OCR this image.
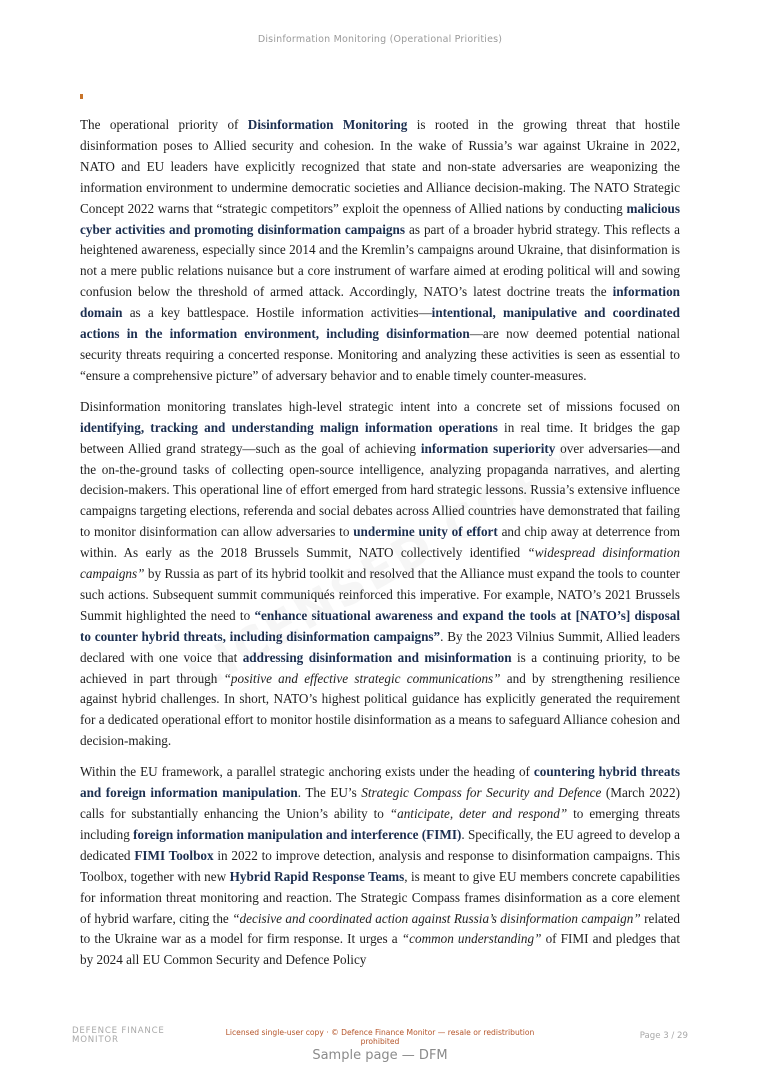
Disinformation Monitoring (Operational Priorities)

The operational priority of Disinformation Monitoring is rooted in the growing threat that hostile disinformation poses to Allied security and cohesion. In the wake of Russia’s war against Ukraine in 2022, NATO and EU leaders have explicitly recognized that state and non-state adversaries are weaponizing the information environment to undermine democratic societies and Alliance decision-making. The NATO Strategic Concept 2022 warns that “strategic competitors” exploit the openness of Allied nations by conducting malicious cyber activities and promoting disinformation campaigns as part of a broader hybrid strategy. This reflects a heightened awareness, especially since 2014 and the Kremlin’s campaigns around Ukraine, that disinformation is not a mere public relations nuisance but a core instrument of warfare aimed at eroding political will and sowing confusion below the threshold of armed attack. Accordingly, NATO’s latest doctrine treats the information domain as a key battlespace. Hostile information activities—intentional, manipulative and coordinated actions in the information environment, including disinformation—are now deemed potential national security threats requiring a concerted response. Monitoring and analyzing these activities is seen as essential to “ensure a comprehensive picture” of adversary behavior and to enable timely counter-measures.

Disinformation monitoring translates high-level strategic intent into a concrete set of missions focused on identifying, tracking and understanding malign information operations in real time. It bridges the gap between Allied grand strategy—such as the goal of achieving information superiority over adversaries—and the on-the-ground tasks of collecting open-source intelligence, analyzing propaganda narratives, and alerting decision-makers. This operational line of effort emerged from hard strategic lessons. Russia’s extensive influence campaigns targeting elections, referenda and social debates across Allied countries have demonstrated that failing to monitor disinformation can allow adversaries to undermine unity of effort and chip away at deterrence from within. As early as the 2018 Brussels Summit, NATO collectively identified “widespread disinformation campaigns” by Russia as part of its hybrid toolkit and resolved that the Alliance must expand the tools to counter such actions. Subsequent summit communiqués reinforced this imperative. For example, NATO’s 2021 Brussels Summit highlighted the need to “enhance situational awareness and expand the tools at [NATO’s] disposal to counter hybrid threats, including disinformation campaigns”. By the 2023 Vilnius Summit, Allied leaders declared with one voice that addressing disinformation and misinformation is a continuing priority, to be achieved in part through “positive and effective strategic communications” and by strengthening resilience against hybrid challenges. In short, NATO’s highest political guidance has explicitly generated the requirement for a dedicated operational effort to monitor hostile disinformation as a means to safeguard Alliance cohesion and decision-making.

Within the EU framework, a parallel strategic anchoring exists under the heading of countering hybrid threats and foreign information manipulation. The EU’s Strategic Compass for Security and Defence (March 2022) calls for substantially enhancing the Union’s ability to “anticipate, deter and respond” to emerging threats including foreign information manipulation and interference (FIMI). Specifically, the EU agreed to develop a dedicated FIMI Toolbox in 2022 to improve detection, analysis and response to disinformation campaigns. This Toolbox, together with new Hybrid Rapid Response Teams, is meant to give EU members concrete capabilities for information threat monitoring and reaction. The Strategic Compass frames disinformation as a core element of hybrid warfare, citing the “decisive and coordinated action against Russia’s disinformation campaign” related to the Ukraine war as a model for firm response. It urges a “common understanding” of FIMI and pledges that by 2024 all EU Common Security and Defence Policy

DEFENCE FINANCE
MONITOR
Licensed single-user copy · © Defence Finance Monitor — resale or redistribution prohibited
Page 3 / 29
Sample page — DFM
